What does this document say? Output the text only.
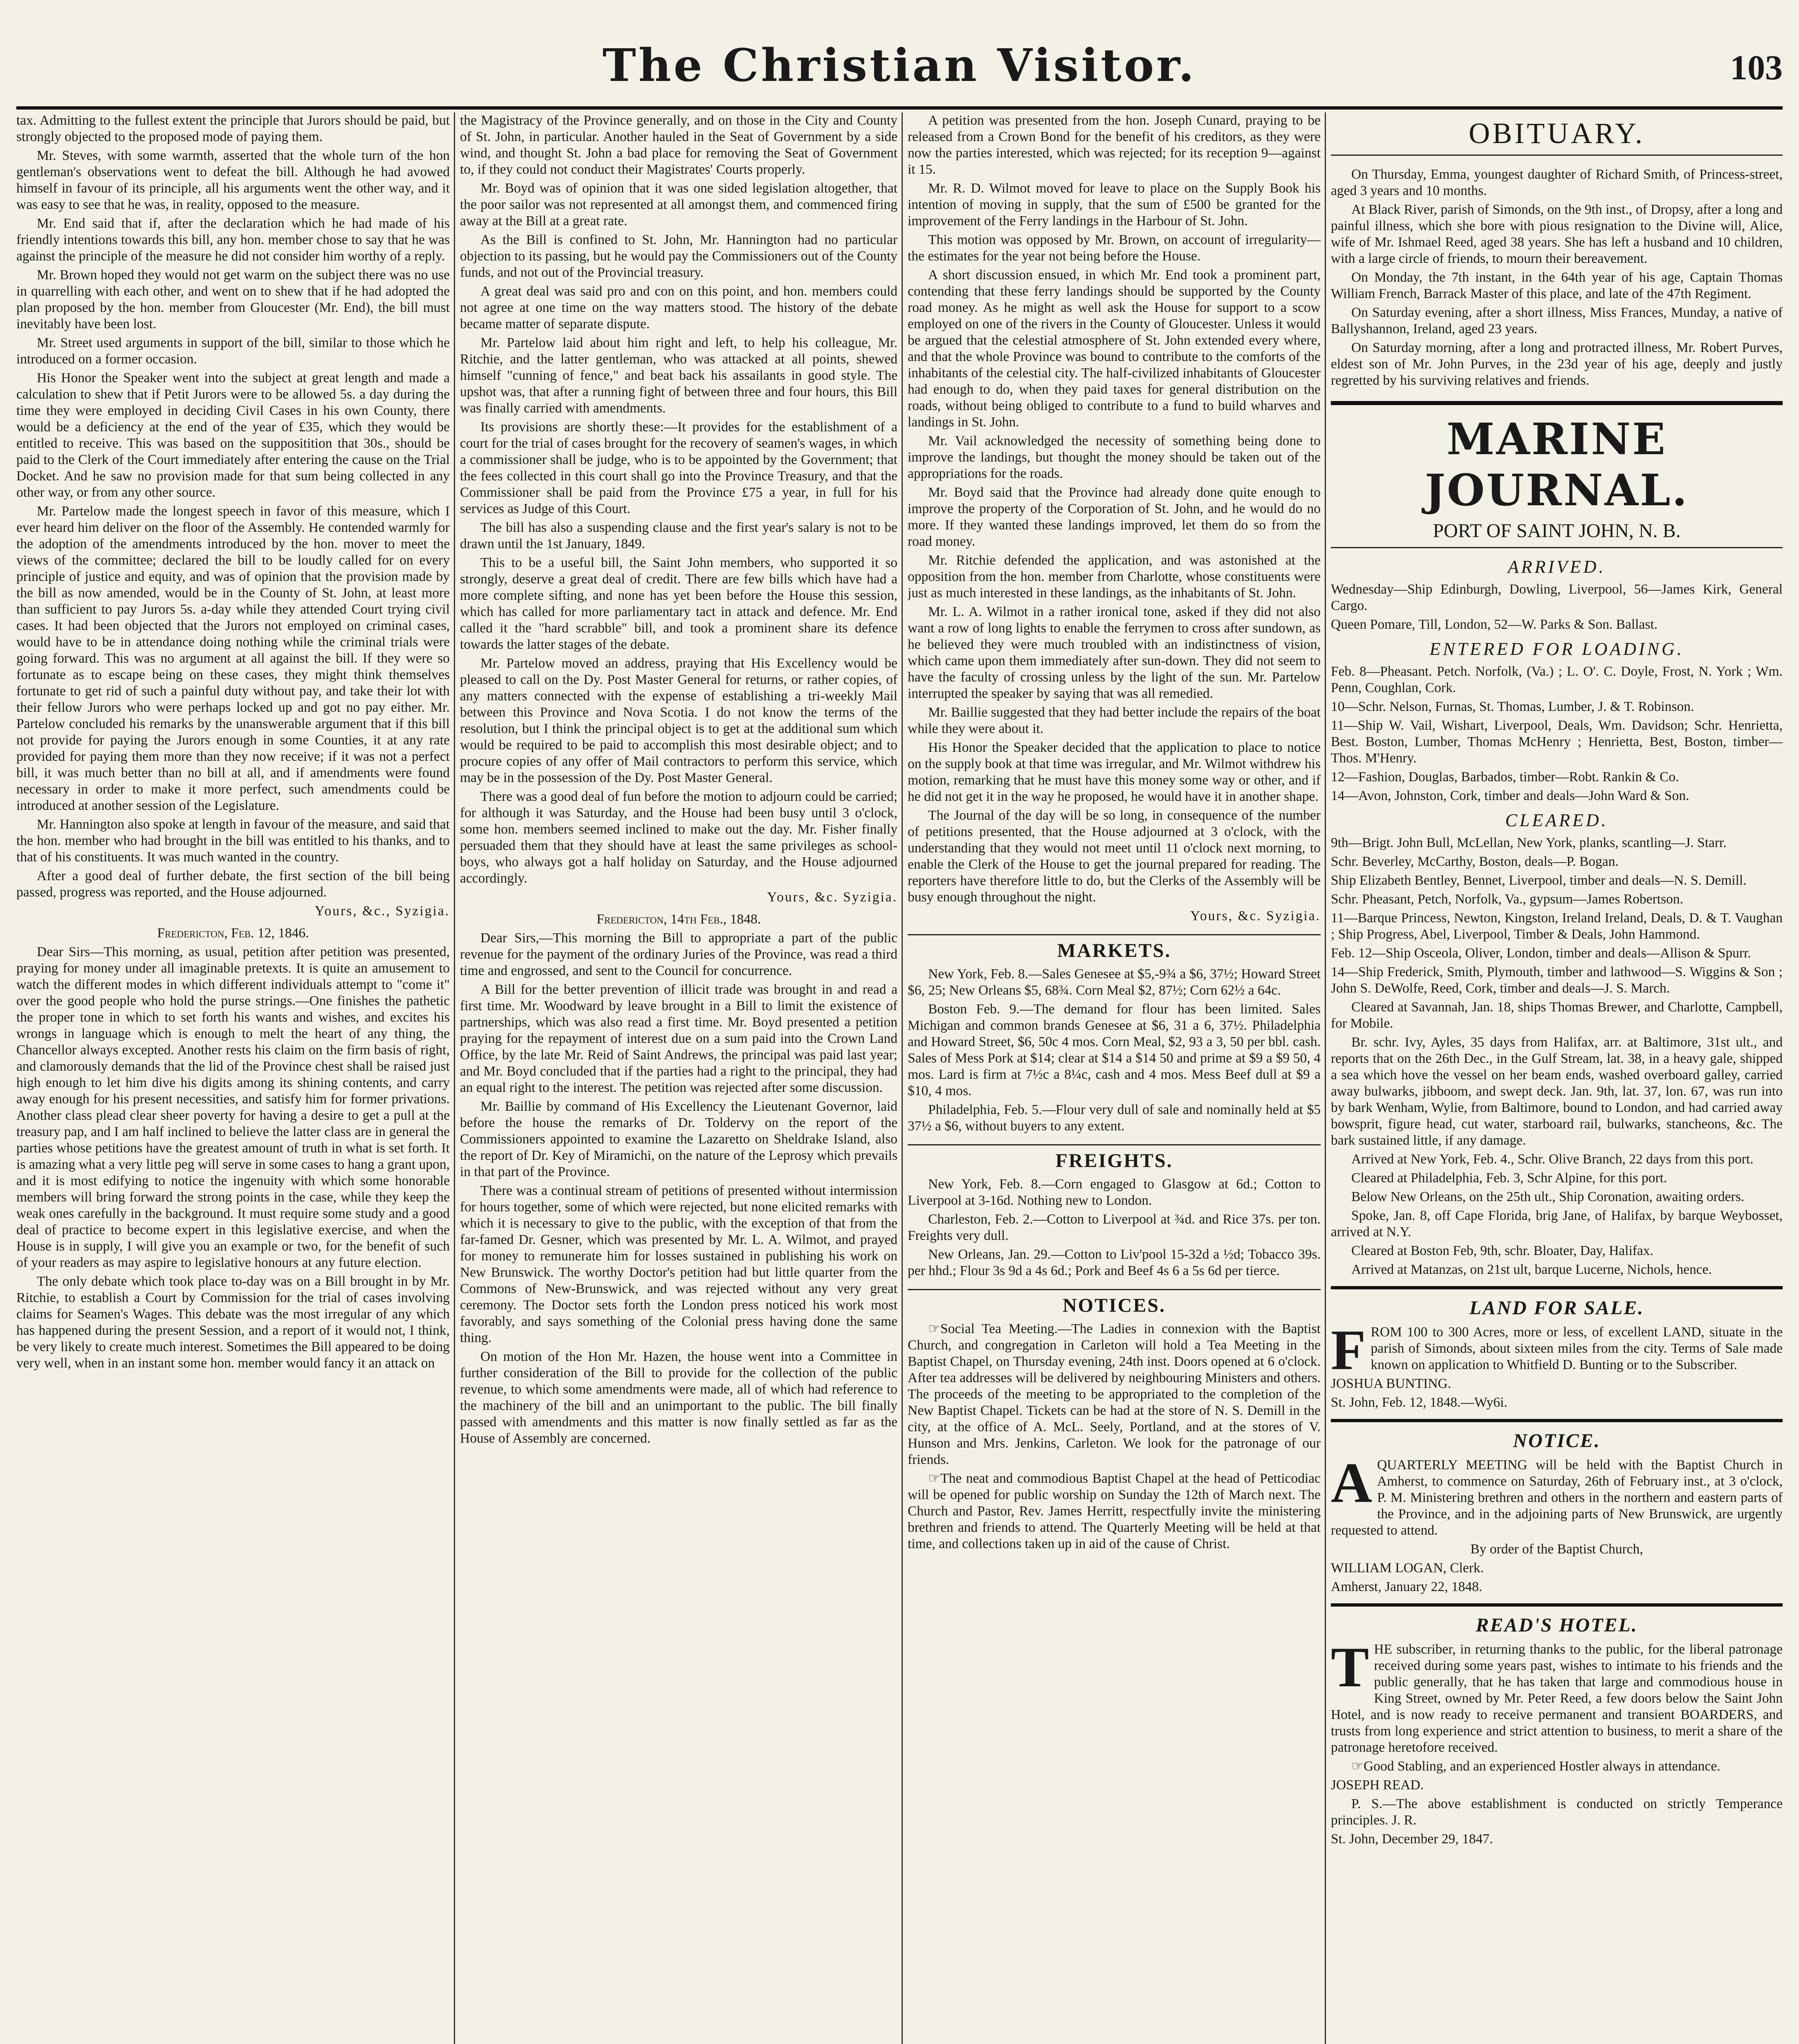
The Christian Visitor.	103

tax. Admitting to the fullest extent the principle that Jurors should be paid, but strongly objected to the proposed mode of paying them.

Mr. Steves, with some warmth, asserted that the whole turn of the hon gentleman's observations went to defeat the bill. Although he had avowed himself in favour of its principle, all his arguments went the other way, and it was easy to see that he was, in reality, opposed to the measure.

Mr. End said that if, after the declaration which he had made of his friendly intentions towards this bill, any hon. member chose to say that he was against the principle of the measure he did not consider him worthy of a reply.

Mr. Brown hoped they would not get warm on the subject there was no use in quarrelling with each other, and went on to shew that if he had adopted the plan proposed by the hon. member from Gloucester (Mr. End), the bill must inevitably have been lost.

Mr. Street used arguments in support of the bill, similar to those which he introduced on a former occasion.

His Honor the Speaker went into the subject at great length and made a calculation to shew that if Petit Jurors were to be allowed 5s. a day during the time they were employed in deciding Civil Cases in his own County, there would be a deficiency at the end of the year of £35, which they would be entitled to receive. This was based on the suppositition that 30s., should be paid to the Clerk of the Court immediately after entering the cause on the Trial Docket. And he saw no provision made for that sum being collected in any other way, or from any other source.

Mr. Partelow made the longest speech in favor of this measure, which I ever heard him deliver on the floor of the Assembly. He contended warmly for the adoption of the amendments introduced by the hon. mover to meet the views of the committee; declared the bill to be loudly called for on every principle of justice and equity, and was of opinion that the provision made by the bill as now amended, would be in the County of St. John, at least more than sufficient to pay Jurors 5s. a-day while they attended Court trying civil cases. It had been objected that the Jurors not employed on criminal cases, would have to be in attendance doing nothing while the criminal trials were going forward. This was no argument at all against the bill. If they were so fortunate as to escape being on these cases, they might think themselves fortunate to get rid of such a painful duty without pay, and take their lot with their fellow Jurors who were perhaps locked up and got no pay either. Mr. Partelow concluded his remarks by the unanswerable argument that if this bill not provide for paying the Jurors enough in some Counties, it at any rate provided for paying them more than they now receive; if it was not a perfect bill, it was much better than no bill at all, and if amendments were found necessary in order to make it more perfect, such amendments could be introduced at another session of the Legislature.

Mr. Hannington also spoke at length in favour of the measure, and said that the hon. member who had brought in the bill was entitled to his thanks, and to that of his constituents. It was much wanted in the country.

After a good deal of further debate, the first section of the bill being passed, progress was reported, and the House adjourned.

Yours, &c., Syzigia.

Fredericton, Feb. 12, 1846.

Dear Sirs—This morning, as usual, petition after petition was presented, praying for money under all imaginable pretexts. It is quite an amusement to watch the different modes in which different individuals attempt to "come it" over the good people who hold the purse strings.—One finishes the pathetic the proper tone in which to set forth his wants and wishes, and excites his wrongs in language which is enough to melt the heart of any thing, the Chancellor always excepted. Another rests his claim on the firm basis of right, and clamorously demands that the lid of the Province chest shall be raised just high enough to let him dive his digits among its shining contents, and carry away enough for his present necessities, and satisfy him for former privations. Another class plead clear sheer poverty for having a desire to get a pull at the treasury pap, and I am half inclined to believe the latter class are in general the parties whose petitions have the greatest amount of truth in what is set forth. It is amazing what a very little peg will serve in some cases to hang a grant upon, and it is most edifying to notice the ingenuity with which some honorable members will bring forward the strong points in the case, while they keep the weak ones carefully in the background. It must require some study and a good deal of practice to become expert in this legislative exercise, and when the House is in supply, I will give you an example or two, for the benefit of such of your readers as may aspire to legislative honours at any future election.

The only debate which took place to-day was on a Bill brought in by Mr. Ritchie, to establish a Court by Commission for the trial of cases involving claims for Seamen's Wages. This debate was the most irregular of any which has happened during the present Session, and a report of it would not, I think, be very likely to create much interest. Sometimes the Bill appeared to be doing very well, when in an instant some hon. member would fancy it an attack on

the Magistracy of the Province generally, and on those in the City and County of St. John, in particular. Another hauled in the Seat of Government by a side wind, and thought St. John a bad place for removing the Seat of Government to, if they could not conduct their Magistrates' Courts properly.

Mr. Boyd was of opinion that it was one sided legislation altogether, that the poor sailor was not represented at all amongst them, and commenced firing away at the Bill at a great rate.

As the Bill is confined to St. John, Mr. Hannington had no particular objection to its passing, but he would pay the Commissioners out of the County funds, and not out of the Provincial treasury.

A great deal was said pro and con on this point, and hon. members could not agree at one time on the way matters stood. The history of the debate became matter of separate dispute.

Mr. Partelow laid about him right and left, to help his colleague, Mr. Ritchie, and the latter gentleman, who was attacked at all points, shewed himself "cunning of fence," and beat back his assailants in good style. The upshot was, that after a running fight of between three and four hours, this Bill was finally carried with amendments.

Its provisions are shortly these:—It provides for the establishment of a court for the trial of cases brought for the recovery of seamen's wages, in which a commissioner shall be judge, who is to be appointed by the Government; that the fees collected in this court shall go into the Province Treasury, and that the Commissioner shall be paid from the Province £75 a year, in full for his services as Judge of this Court.

The bill has also a suspending clause and the first year's salary is not to be drawn until the 1st January, 1849.

This to be a useful bill, the Saint John members, who supported it so strongly, deserve a great deal of credit. There are few bills which have had a more complete sifting, and none has yet been before the House this session, which has called for more parliamentary tact in attack and defence. Mr. End called it the "hard scrabble" bill, and took a prominent share its defence towards the latter stages of the debate.

Mr. Partelow moved an address, praying that His Excellency would be pleased to call on the Dy. Post Master General for returns, or rather copies, of any matters connected with the expense of establishing a tri-weekly Mail between this Province and Nova Scotia. I do not know the terms of the resolution, but I think the principal object is to get at the additional sum which would be required to be paid to accomplish this most desirable object; and to procure copies of any offer of Mail contractors to perform this service, which may be in the possession of the Dy. Post Master General.

There was a good deal of fun before the motion to adjourn could be carried; for although it was Saturday, and the House had been busy until 3 o'clock, some hon. members seemed inclined to make out the day. Mr. Fisher finally persuaded them that they should have at least the same privileges as school-boys, who always got a half holiday on Saturday, and the House adjourned accordingly.

Yours, &c. Syzigia.

Fredericton, 14th Feb., 1848.

Dear Sirs,—This morning the Bill to appropriate a part of the public revenue for the payment of the ordinary Juries of the Province, was read a third time and engrossed, and sent to the Council for concurrence.

A Bill for the better prevention of illicit trade was brought in and read a first time. Mr. Woodward by leave brought in a Bill to limit the existence of partnerships, which was also read a first time. Mr. Boyd presented a petition praying for the repayment of interest due on a sum paid into the Crown Land Office, by the late Mr. Reid of Saint Andrews, the principal was paid last year; and Mr. Boyd concluded that if the parties had a right to the principal, they had an equal right to the interest. The petition was rejected after some discussion.

Mr. Baillie by command of His Excellency the Lieutenant Governor, laid before the house the remarks of Dr. Toldervy on the report of the Commissioners appointed to examine the Lazaretto on Sheldrake Island, also the report of Dr. Key of Miramichi, on the nature of the Leprosy which prevails in that part of the Province.

There was a continual stream of petitions of presented without intermission for hours together, some of which were rejected, but none elicited remarks with which it is necessary to give to the public, with the exception of that from the far-famed Dr. Gesner, which was presented by Mr. L. A. Wilmot, and prayed for money to remunerate him for losses sustained in publishing his work on New Brunswick. The worthy Doctor's petition had but little quarter from the Commons of New-Brunswick, and was rejected without any very great ceremony. The Doctor sets forth the London press noticed his work most favorably, and says something of the Colonial press having done the same thing.

On motion of the Hon Mr. Hazen, the house went into a Committee in further consideration of the Bill to provide for the collection of the public revenue, to which some amendments were made, all of which had reference to the machinery of the bill and an unimportant to the public. The bill finally passed with amendments and this matter is now finally settled as far as the House of Assembly are concerned.

A petition was presented from the hon. Joseph Cunard, praying to be released from a Crown Bond for the benefit of his creditors, as they were now the parties interested, which was rejected; for its reception 9—against it 15.

Mr. R. D. Wilmot moved for leave to place on the Supply Book his intention of moving in supply, that the sum of £500 be granted for the improvement of the Ferry landings in the Harbour of St. John.

This motion was opposed by Mr. Brown, on account of irregularity—the estimates for the year not being before the House.

A short discussion ensued, in which Mr. End took a prominent part, contending that these ferry landings should be supported by the County road money. As he might as well ask the House for support to a scow employed on one of the rivers in the County of Gloucester. Unless it would be argued that the celestial atmosphere of St. John extended every where, and that the whole Province was bound to contribute to the comforts of the inhabitants of the celestial city. The half-civilized inhabitants of Gloucester had enough to do, when they paid taxes for general distribution on the roads, without being obliged to contribute to a fund to build wharves and landings in St. John.

Mr. Vail acknowledged the necessity of something being done to improve the landings, but thought the money should be taken out of the appropriations for the roads.

Mr. Boyd said that the Province had already done quite enough to improve the property of the Corporation of St. John, and he would do no more. If they wanted these landings improved, let them do so from the road money.

Mr. Ritchie defended the application, and was astonished at the opposition from the hon. member from Charlotte, whose constituents were just as much interested in these landings, as the inhabitants of St. John.

Mr. L. A. Wilmot in a rather ironical tone, asked if they did not also want a row of long lights to enable the ferrymen to cross after sundown, as he believed they were much troubled with an indistinctness of vision, which came upon them immediately after sun-down. They did not seem to have the faculty of crossing unless by the light of the sun. Mr. Partelow interrupted the speaker by saying that was all remedied.

Mr. Baillie suggested that they had better include the repairs of the boat while they were about it.

His Honor the Speaker decided that the application to place to notice on the supply book at that time was irregular, and Mr. Wilmot withdrew his motion, remarking that he must have this money some way or other, and if he did not get it in the way he proposed, he would have it in another shape.

The Journal of the day will be so long, in consequence of the number of petitions presented, that the House adjourned at 3 o'clock, with the understanding that they would not meet until 11 o'clock next morning, to enable the Clerk of the House to get the journal prepared for reading. The reporters have therefore little to do, but the Clerks of the Assembly will be busy enough throughout the night.

Yours, &c. Syzigia.

MARKETS.

New York, Feb. 8.—Sales Genesee at $5,-9¾ a $6, 37½; Howard Street $6, 25; New Orleans $5, 68¾. Corn Meal $2, 87½; Corn 62½ a 64c.

Boston Feb. 9.—The demand for flour has been limited. Sales Michigan and common brands Genesee at $6, 31 a 6, 37½. Philadelphia and Howard Street, $6, 50c 4 mos. Corn Meal, $2, 93 a 3, 50 per bbl. cash. Sales of Mess Pork at $14; clear at $14 a $14 50 and prime at $9 a $9 50, 4 mos. Lard is firm at 7½c a 8¼c, cash and 4 mos. Mess Beef dull at $9 a $10, 4 mos.

Philadelphia, Feb. 5.—Flour very dull of sale and nominally held at $5 37½ a $6, without buyers to any extent.

FREIGHTS.

New York, Feb. 8.—Corn engaged to Glasgow at 6d.; Cotton to Liverpool at 3-16d. Nothing new to London.

Charleston, Feb. 2.—Cotton to Liverpool at ¾d. and Rice 37s. per ton. Freights very dull.

New Orleans, Jan. 29.—Cotton to Liv'pool 15-32d a ½d; Tobacco 39s. per hhd.; Flour 3s 9d a 4s 6d.; Pork and Beef 4s 6 a 5s 6d per tierce.

NOTICES.

☞Social Tea Meeting.—The Ladies in connexion with the Baptist Church, and congregation in Carleton will hold a Tea Meeting in the Baptist Chapel, on Thursday evening, 24th inst. Doors opened at 6 o'clock. After tea addresses will be delivered by neighbouring Ministers and others. The proceeds of the meeting to be appropriated to the completion of the New Baptist Chapel. Tickets can be had at the store of N. S. Demill in the city, at the office of A. McL. Seely, Portland, and at the stores of V. Hunson and Mrs. Jenkins, Carleton. We look for the patronage of our friends.

☞The neat and commodious Baptist Chapel at the head of Petticodiac will be opened for public worship on Sunday the 12th of March next. The Church and Pastor, Rev. James Herritt, respectfully invite the ministering brethren and friends to attend. The Quarterly Meeting will be held at that time, and collections taken up in aid of the cause of Christ.

OBITUARY.

On Thursday, Emma, youngest daughter of Richard Smith, of Princess-street, aged 3 years and 10 months.

At Black River, parish of Simonds, on the 9th inst., of Dropsy, after a long and painful illness, which she bore with pious resignation to the Divine will, Alice, wife of Mr. Ishmael Reed, aged 38 years. She has left a husband and 10 children, with a large circle of friends, to mourn their bereavement.

On Monday, the 7th instant, in the 64th year of his age, Captain Thomas William French, Barrack Master of this place, and late of the 47th Regiment.

On Saturday evening, after a short illness, Miss Frances, Munday, a native of Ballyshannon, Ireland, aged 23 years.

On Saturday morning, after a long and protracted illness, Mr. Robert Purves, eldest son of Mr. John Purves, in the 23d year of his age, deeply and justly regretted by his surviving relatives and friends.

MARINE JOURNAL.
PORT OF SAINT JOHN, N. B.
ARRIVED.

Wednesday—Ship Edinburgh, Dowling, Liverpool, 56—James Kirk, General Cargo.

Queen Pomare, Till, London, 52—W. Parks & Son. Ballast.

ENTERED FOR LOADING.

Feb. 8—Pheasant. Petch. Norfolk, (Va.) ; L. O'. C. Doyle, Frost, N. York ; Wm. Penn, Coughlan, Cork.

10—Schr. Nelson, Furnas, St. Thomas, Lumber, J. & T. Robinson.

11—Ship W. Vail, Wishart, Liverpool, Deals, Wm. Davidson; Schr. Henrietta, Best. Boston, Lumber, Thomas McHenry ; Henrietta, Best, Boston, timber—Thos. M'Henry.

12—Fashion, Douglas, Barbados, timber—Robt. Rankin & Co.

14—Avon, Johnston, Cork, timber and deals—John Ward & Son.

CLEARED.

9th—Brigt. John Bull, McLellan, New York, planks, scantling—J. Starr.

Schr. Beverley, McCarthy, Boston, deals—P. Bogan.

Ship Elizabeth Bentley, Bennet, Liverpool, timber and deals—N. S. Demill.

Schr. Pheasant, Petch, Norfolk, Va., gypsum—James Robertson.

11—Barque Princess, Newton, Kingston, Ireland Ireland, Deals, D. & T. Vaughan ; Ship Progress, Abel, Liverpool, Timber & Deals, John Hammond.

Feb. 12—Ship Osceola, Oliver, London, timber and deals—Allison & Spurr.

14—Ship Frederick, Smith, Plymouth, timber and lathwood—S. Wiggins & Son ; John S. DeWolfe, Reed, Cork, timber and deals—J. S. March.

Cleared at Savannah, Jan. 18, ships Thomas Brewer, and Charlotte, Campbell, for Mobile.

Br. schr. Ivy, Ayles, 35 days from Halifax, arr. at Baltimore, 31st ult., and reports that on the 26th Dec., in the Gulf Stream, lat. 38, in a heavy gale, shipped a sea which hove the vessel on her beam ends, washed overboard galley, carried away bulwarks, jibboom, and swept deck. Jan. 9th, lat. 37, lon. 67, was run into by bark Wenham, Wylie, from Baltimore, bound to London, and had carried away bowsprit, figure head, cut water, starboard rail, bulwarks, stancheons, &c. The bark sustained little, if any damage.

Arrived at New York, Feb. 4., Schr. Olive Branch, 22 days from this port.

Cleared at Philadelphia, Feb. 3, Schr Alpine, for this port.

Below New Orleans, on the 25th ult., Ship Coronation, awaiting orders.

Spoke, Jan. 8, off Cape Florida, brig Jane, of Halifax, by barque Weybosset, arrived at N.Y.

Cleared at Boston Feb, 9th, schr. Bloater, Day, Halifax.

Arrived at Matanzas, on 21st ult, barque Lucerne, Nichols, hence.

LAND FOR SALE.

FROM 100 to 300 Acres, more or less, of excellent LAND, situate in the parish of Simonds, about sixteen miles from the city. Terms of Sale made known on application to Whitfield D. Bunting or to the Subscriber.

JOSHUA BUNTING.

St. John, Feb. 12, 1848.—Wy6i.

NOTICE.

AQUARTERLY MEETING will be held with the Baptist Church in Amherst, to commence on Saturday, 26th of February inst., at 3 o'clock, P. M. Ministering brethren and others in the northern and eastern parts of the Province, and in the adjoining parts of New Brunswick, are urgently requested to attend.

By order of the Baptist Church,

WILLIAM LOGAN, Clerk.

Amherst, January 22, 1848.

READ'S HOTEL.

THE subscriber, in returning thanks to the public, for the liberal patronage received during some years past, wishes to intimate to his friends and the public generally, that he has taken that large and commodious house in King Street, owned by Mr. Peter Reed, a few doors below the Saint John Hotel, and is now ready to receive permanent and transient BOARDERS, and trusts from long experience and strict attention to business, to merit a share of the patronage heretofore received.

☞Good Stabling, and an experienced Hostler always in attendance.

JOSEPH READ.

P. S.—The above establishment is conducted on strictly Temperance principles. J. R.

St. John, December 29, 1847.
